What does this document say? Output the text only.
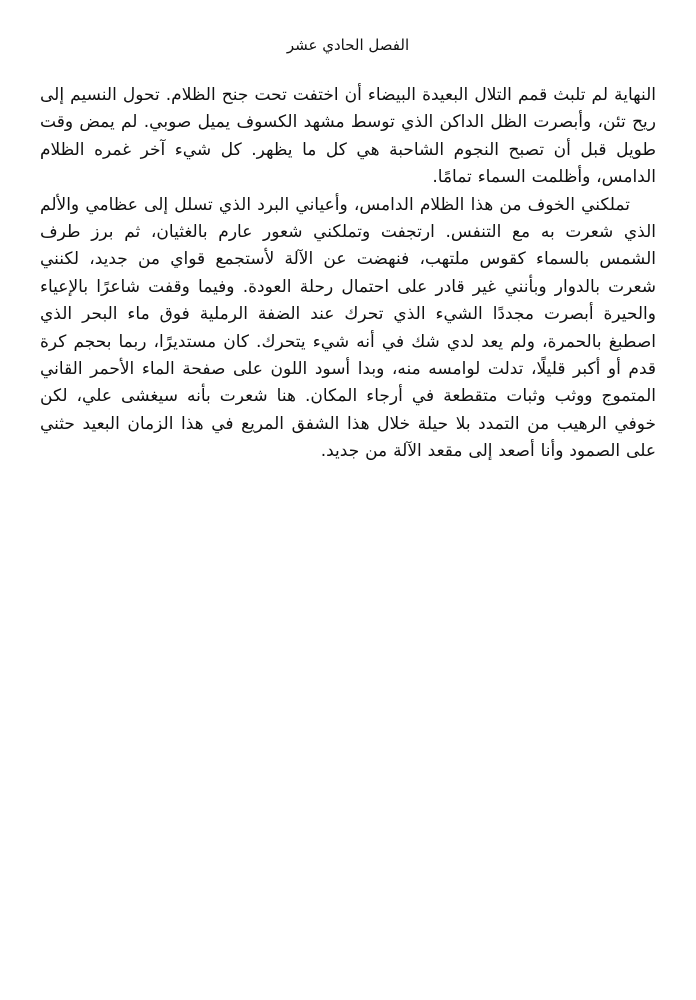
الفصل الحادي عشر

النهاية لم تلبث قمم التلال البعيدة البيضاء أن اختفت تحت جنح الظلام. تحول النسيم إلى ريح تئن، وأبصرت الظل الداكن الذي توسط مشهد الكسوف يميل صوبي. لم يمض وقت طويل قبل أن تصبح النجوم الشاحبة هي كل ما يظهر. كل شيء آخر غمره الظلام الدامس، وأظلمت السماء تمامًا.

تملكني الخوف من هذا الظلام الدامس، وأعياني البرد الذي تسلل إلى عظامي والألم الذي شعرت به مع التنفس. ارتجفت وتملكني شعور عارم بالغثيان، ثم برز طرف الشمس بالسماء كقوس ملتهب، فنهضت عن الآلة لأستجمع قواي من جديد، لكنني شعرت بالدوار وبأنني غير قادر على احتمال رحلة العودة. وفيما وقفت شاعرًا بالإعياء والحيرة أبصرت مجددًا الشيء الذي تحرك عند الضفة الرملية فوق ماء البحر الذي اصطبغ بالحمرة، ولم يعد لدي شك في أنه شيء يتحرك. كان مستديرًا، ربما بحجم كرة قدم أو أكبر قليلًا، تدلت لوامسه منه، وبدا أسود اللون على صفحة الماء الأحمر القاني المتموج ووثب وثبات متقطعة في أرجاء المكان. هنا شعرت بأنه سيغشى علي، لكن خوفي الرهيب من التمدد بلا حيلة خلال هذا الشفق المريع في هذا الزمان البعيد حثني على الصمود وأنا أصعد إلى مقعد الآلة من جديد.
